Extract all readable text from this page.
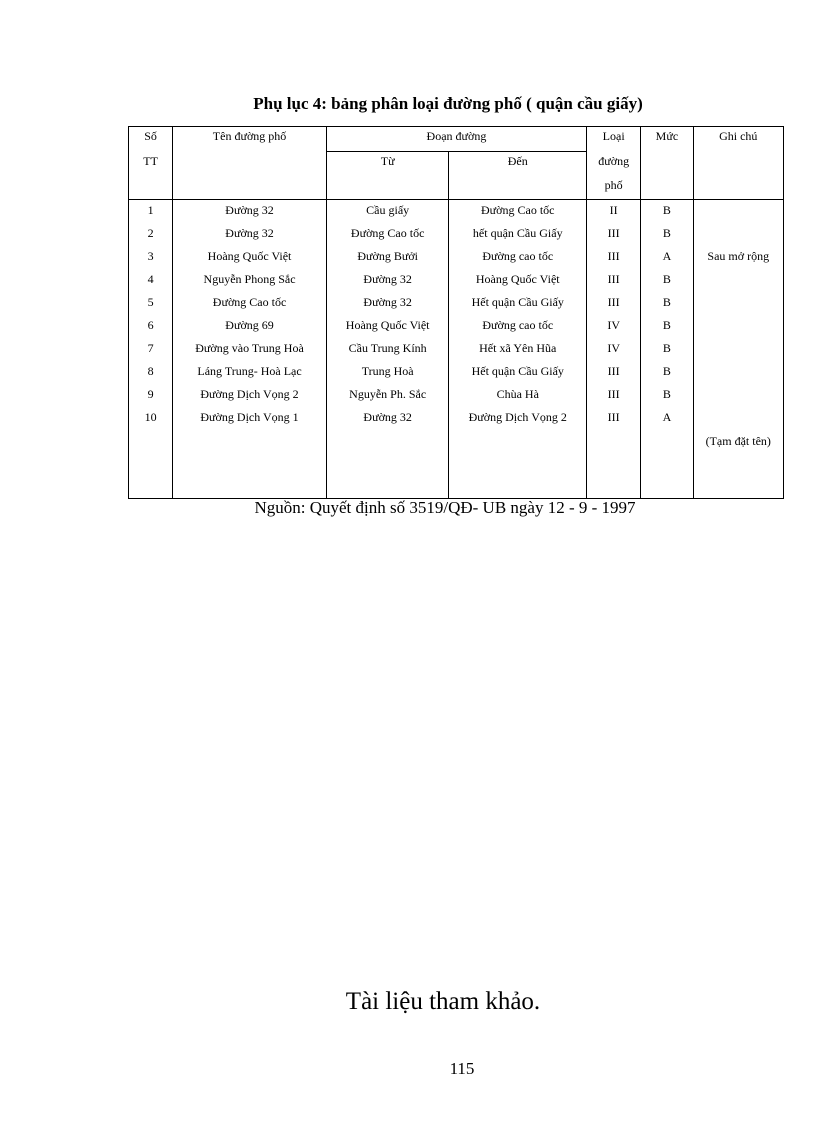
Phụ lục 4: bảng phân loại đường phố ( quận cầu giấy)
Số	Tên đường phố	Đoạn đường		Loại	Mức	Ghi chú
TT		Từ	Đến	đường		
				phố		
1	Đường 32	Cầu giấy	Đường Cao tốc	II	B	
2	Đường 32	Đường Cao tốc	hết quận Cầu Giấy	III	B	
3	Hoàng Quốc Việt	Đường Bưởi	Đường cao tốc	III	A	Sau mở rộng
4	Nguyễn Phong Sắc	Đường 32	Hoàng Quốc Việt	III	B	
5	Đường Cao tốc	Đường 32	Hết quận Cầu Giấy	III	B	
6	Đường 69	Hoàng Quốc Việt	Đường cao tốc	IV	B	
7	Đường vào Trung Hoà	Cầu Trung Kính	Hết xã Yên Hũa	IV	B	
8	Láng Trung- Hoà Lạc	Trung Hoà	Hết quận Cầu Giấy	III	B	
9	Đường Dịch Vọng 2	Nguyễn Ph. Sắc	Chùa Hà	III	B	
10	Đường Dịch Vọng 1	Đường 32	Đường Dịch Vọng 2	III	A	
						(Tạm đặt tên)
Nguồn: Quyết định số 3519/QĐ- UB ngày 12 - 9 - 1997
Tài liệu tham khảo.
115
